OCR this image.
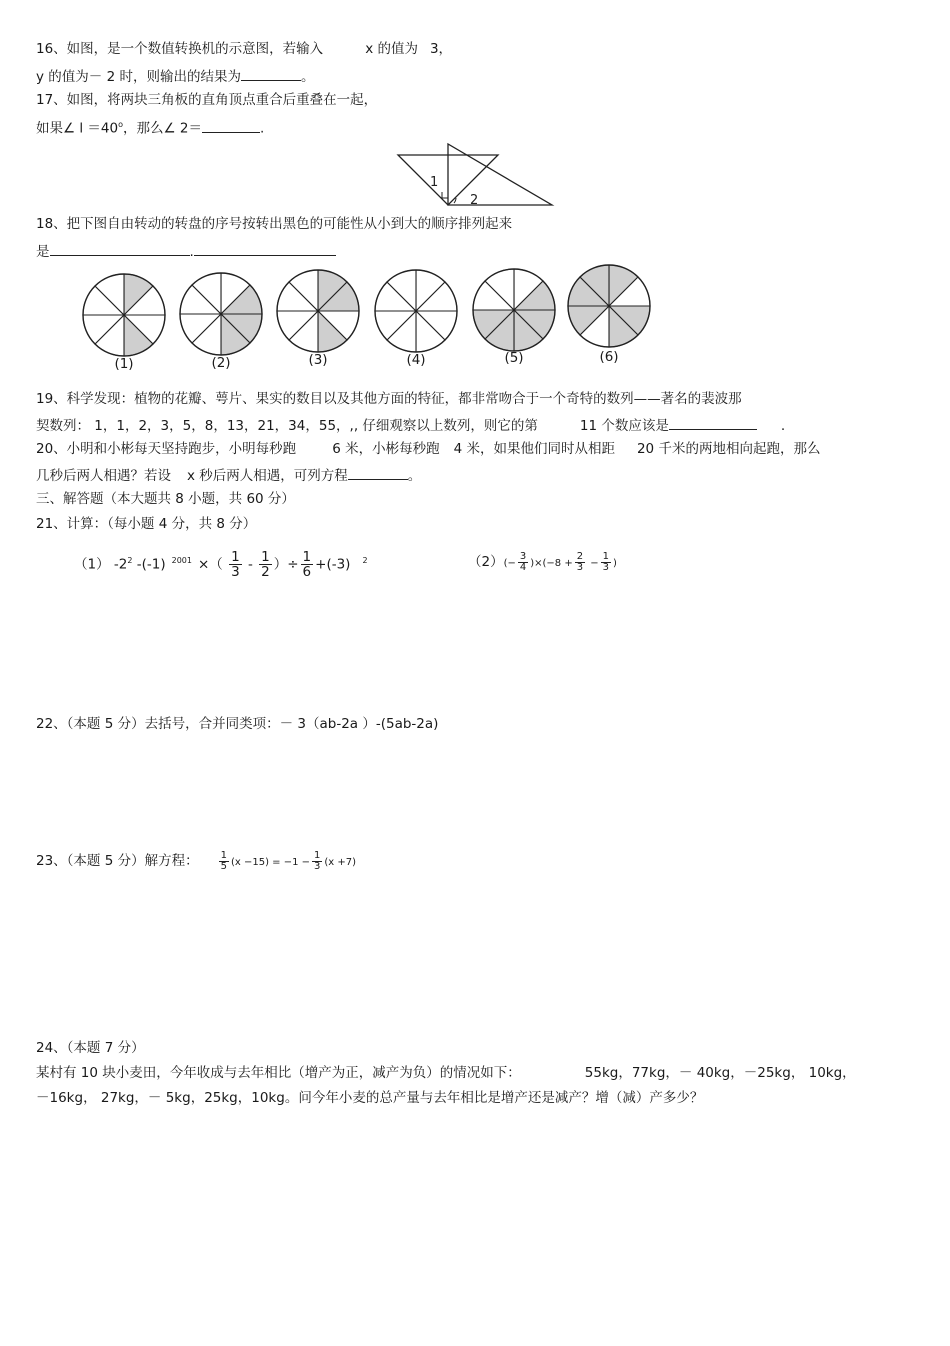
16、如图，是一个数值转换机的示意图，若输入	x 的值为 3，
y 的值为－ 2 时，则输出的结果为	。
17、如图，将两块三角板的直角顶点重合后重叠在一起，
如果∠ $l =40^o$，那么∠ 2＝	.
1
2
18、把下图自由转动的转盘的序号按转出黑色的可能性从小到大的顺序排列起来
是	.
(1)	(2)	(3)	(4)	(5)	(6)
19、科学发现：植物的花瓣、萼片、果实的数目以及其他方面的特征，都非常吻合于一个奇特的数列——著名的裴波那
契数列： 1，1，2，3，5，8，13，21，34，55，,, 仔细观察以上数列，则它的第	11 个数应该是	.
20、小明和小彬每天坚持跑步，小明每秒跑	6 米，小彬每秒跑 4 米，如果他们同时从相距 20 千米的两地相向起跑，那么
几秒后两人相遇？若设 x 秒后两人相遇，可列方程	。
三、解答题（本大题共 8 小题，共 60 分）
21、计算：（每小题 4 分，共 8 分）
（1） $-2^2$ -(-1) $^{2001}$ ×（ $\frac{1}{3} - \frac{1}{2}$ ）÷ $\frac{1}{6} +(-3)$ $^2$	$(2)(- \frac{3}{4} )\times(-8 + \frac{2}{3} - \frac{1}{3}$ )
22、（本题 5 分）去括号，合并同类项：－ 3（ab-2a ）-(5ab-2a)
23、（本题 5 分）解方程： $\frac{1}{5} (x -15) = -1 - \frac{1}{3} (x +7)$
24、（本题 7 分）
某村有 10 块小麦田，今年收成与去年相比（增产为正，减产为负）的情况如下：	55kg，77kg，－ 40kg，－25kg， 10kg，
－16kg， 27kg，－ 5kg，25kg，10kg。问今年小麦的总产量与去年相比是增产还是减产？增（减）产多少？
